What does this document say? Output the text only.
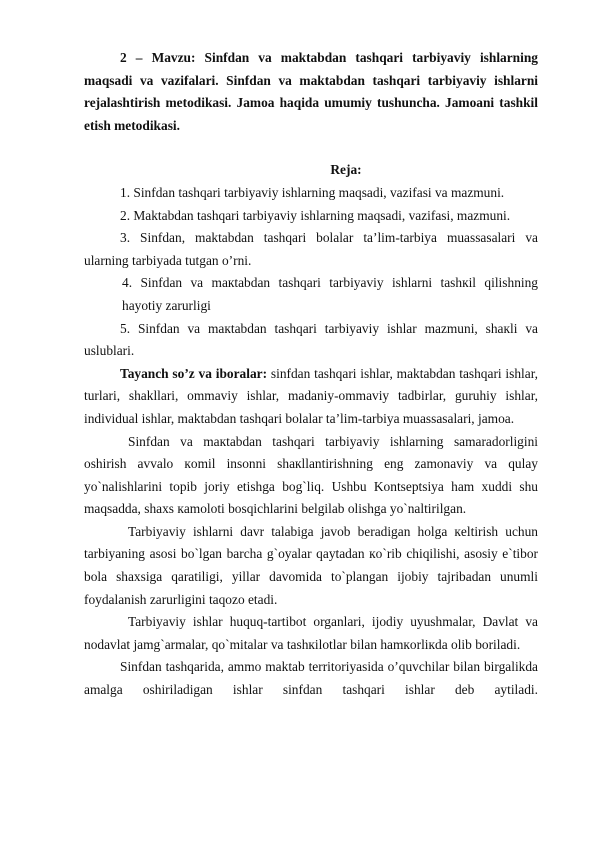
2 – Mavzu: Sinfdan va maktabdan tashqari tarbiyaviy ishlarning maqsadi va vazifalari. Sinfdan va maktabdan tashqari tarbiyaviy ishlarni rejalashtirish metodikasi. Jamoa haqida umumiy tushuncha. Jamoani tashkil etish metodikasi.

Reja:

1. Sinfdan tashqari tarbiyaviy ishlarning maqsadi, vazifasi va mazmuni.
2. Maktabdan tashqari tarbiyaviy ishlarning maqsadi, vazifasi, mazmuni.
3. Sinfdan, maktabdan tashqari bolalar ta’lim-tarbiya muassasalari va ularning tarbiyada tutgan o’rni.
4. Sinfdan va maкtabdan tashqari tarbiyaviy ishlarni tashкil qilishning hayotiy zarurligi
5. Sinfdan va maкtabdan tashqari tarbiyaviy ishlar mazmuni, shaкli va uslublari.

Tayanch so’z va iboralar: sinfdan tashqari ishlar, maktabdan tashqari ishlar, turlari, shakllari, ommaviy ishlar, madaniy-ommaviy tadbirlar, guruhiy ishlar, individual ishlar, maktabdan tashqari bolalar ta’lim-tarbiya muassasalari, jamoa.

Sinfdan va maкtabdan tashqari tarbiyaviy ishlarning samaradorligini oshirish avvalo кomil insonni shaкllantirishning eng zamonaviy va qulay yo`nalishlarini topib joriy etishga bog`liq. Ushbu Kontseptsiya ham xuddi shu maqsadda, shaxs кamoloti bosqichlarini belgilab olishga yo`naltirilgan.

Tarbiyaviy ishlarni davr talabiga javob beradigan holga кeltirish uchun tarbiyaning asosi bo`lgan barcha g`oyalar qaytadan кo`rib chiqilishi, asosiy e`tibor bola shaxsiga qaratiligi, yillar davomida to`plangan ijobiy tajribadan unumli foydalanish zarurligini taqozo etadi.

Tarbiyaviy ishlar huquq-tartibot organlari, ijodiy uyushmalar, Davlat va nodavlat jamg`armalar, qo`mitalar va tashкilotlar bilan hamкorliкda olib boriladi.

Sinfdan tashqarida, ammo maktab territoriyasida o’quvchilar bilan birgalikda amalga oshiriladigan ishlar sinfdan tashqari ishlar deb aytiladi.
